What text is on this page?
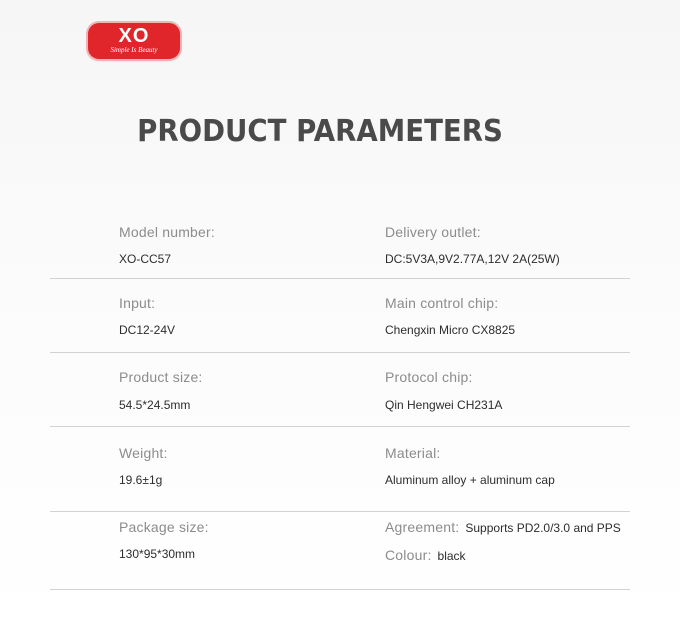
XO
Simple Is Beauty
PRODUCT PARAMETERS
Model number:
XO-CC57
Delivery outlet:
DC:5V3A,9V2.77A,12V 2A(25W)
Input:
DC12-24V
Main control chip:
Chengxin Micro CX8825
Product size:
54.5*24.5mm
Protocol chip:
Qin Hengwei CH231A
Weight:
19.6±1g
Material:
Aluminum alloy + aluminum cap
Package size:
130*95*30mm
Agreement: Supports PD2.0/3.0 and PPS
Colour: black
